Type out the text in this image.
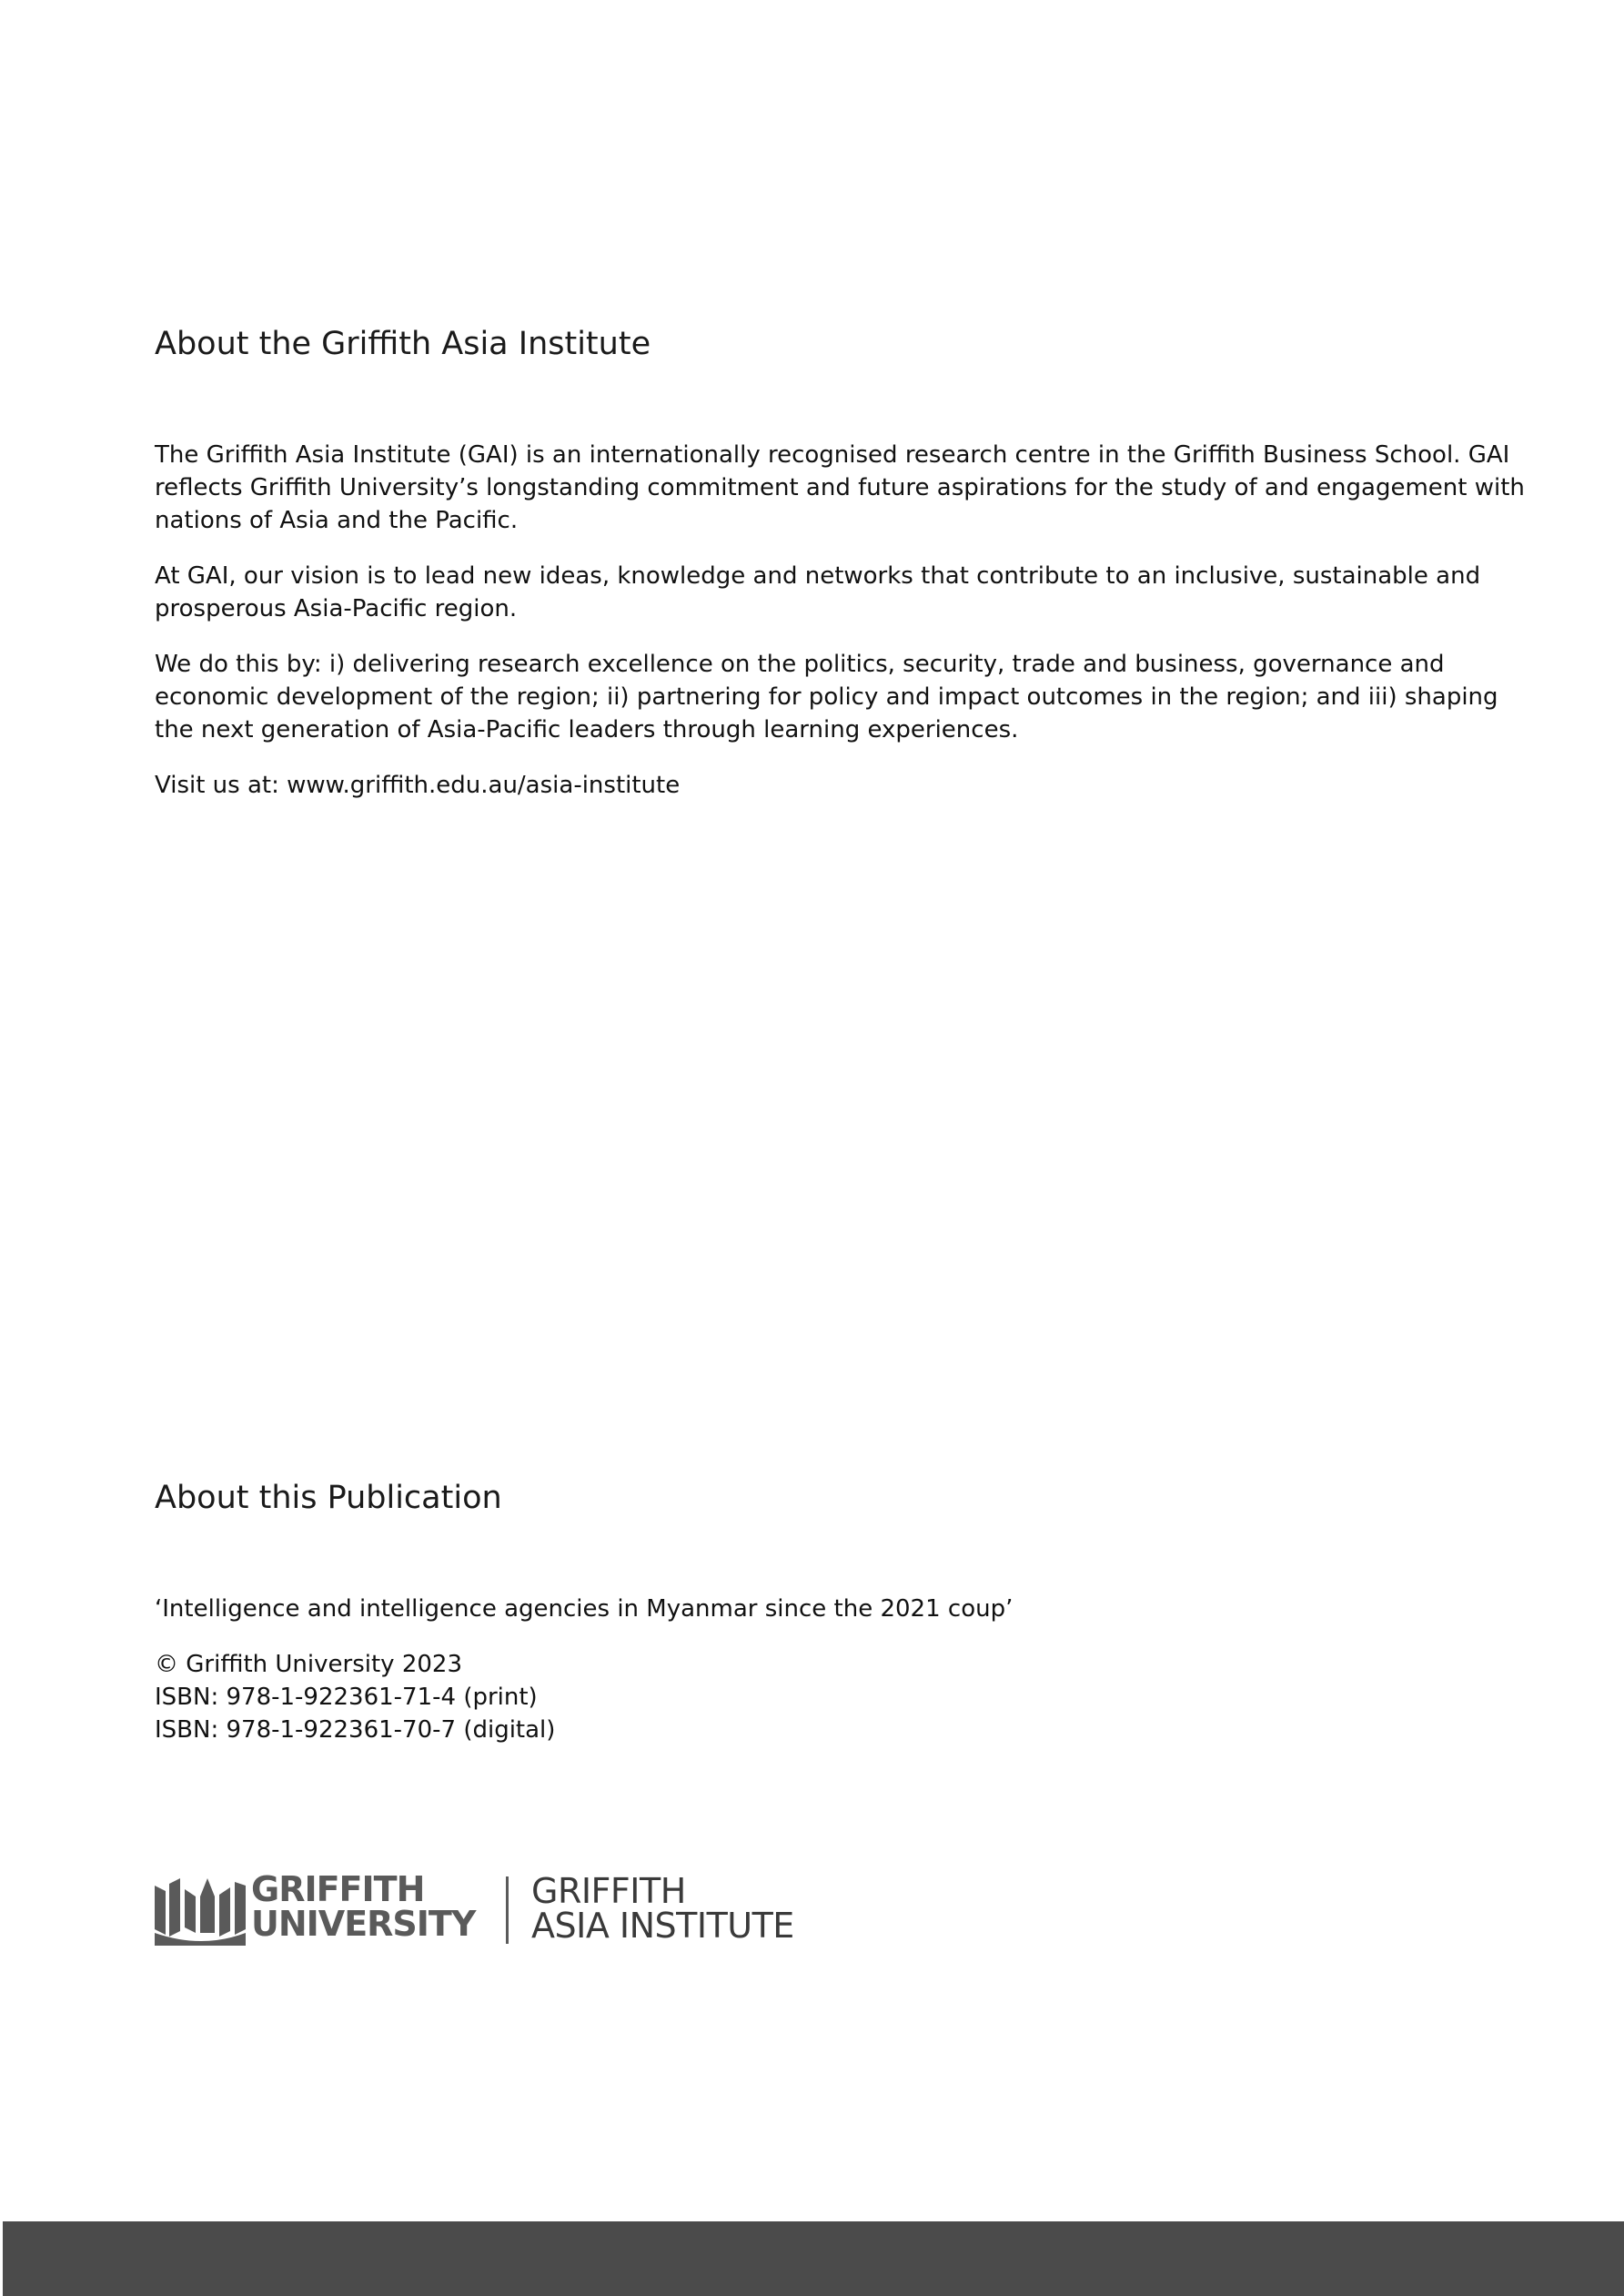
About the Griffith Asia Institute

The Griffith Asia Institute (GAI) is an internationally recognised research centre in the Griffith Business School. GAI
reflects Griffith University’s longstanding commitment and future aspirations for the study of and engagement with
nations of Asia and the Pacific.

At GAI, our vision is to lead new ideas, knowledge and networks that contribute to an inclusive, sustainable and
prosperous Asia-Pacific region.

We do this by: i) delivering research excellence on the politics, security, trade and business, governance and
economic development of the region; ii) partnering for policy and impact outcomes in the region; and iii) shaping
the next generation of Asia-Pacific leaders through learning experiences.

Visit us at: www.griffith.edu.au/asia-institute

About this Publication

‘Intelligence and intelligence agencies in Myanmar since the 2021 coup’

© Griffith University 2023
ISBN: 978-1-922361-71-4 (print)
ISBN: 978-1-922361-70-7 (digital)

GRIFFITH
UNIVERSITY
GRIFFITH
ASIA INSTITUTE
